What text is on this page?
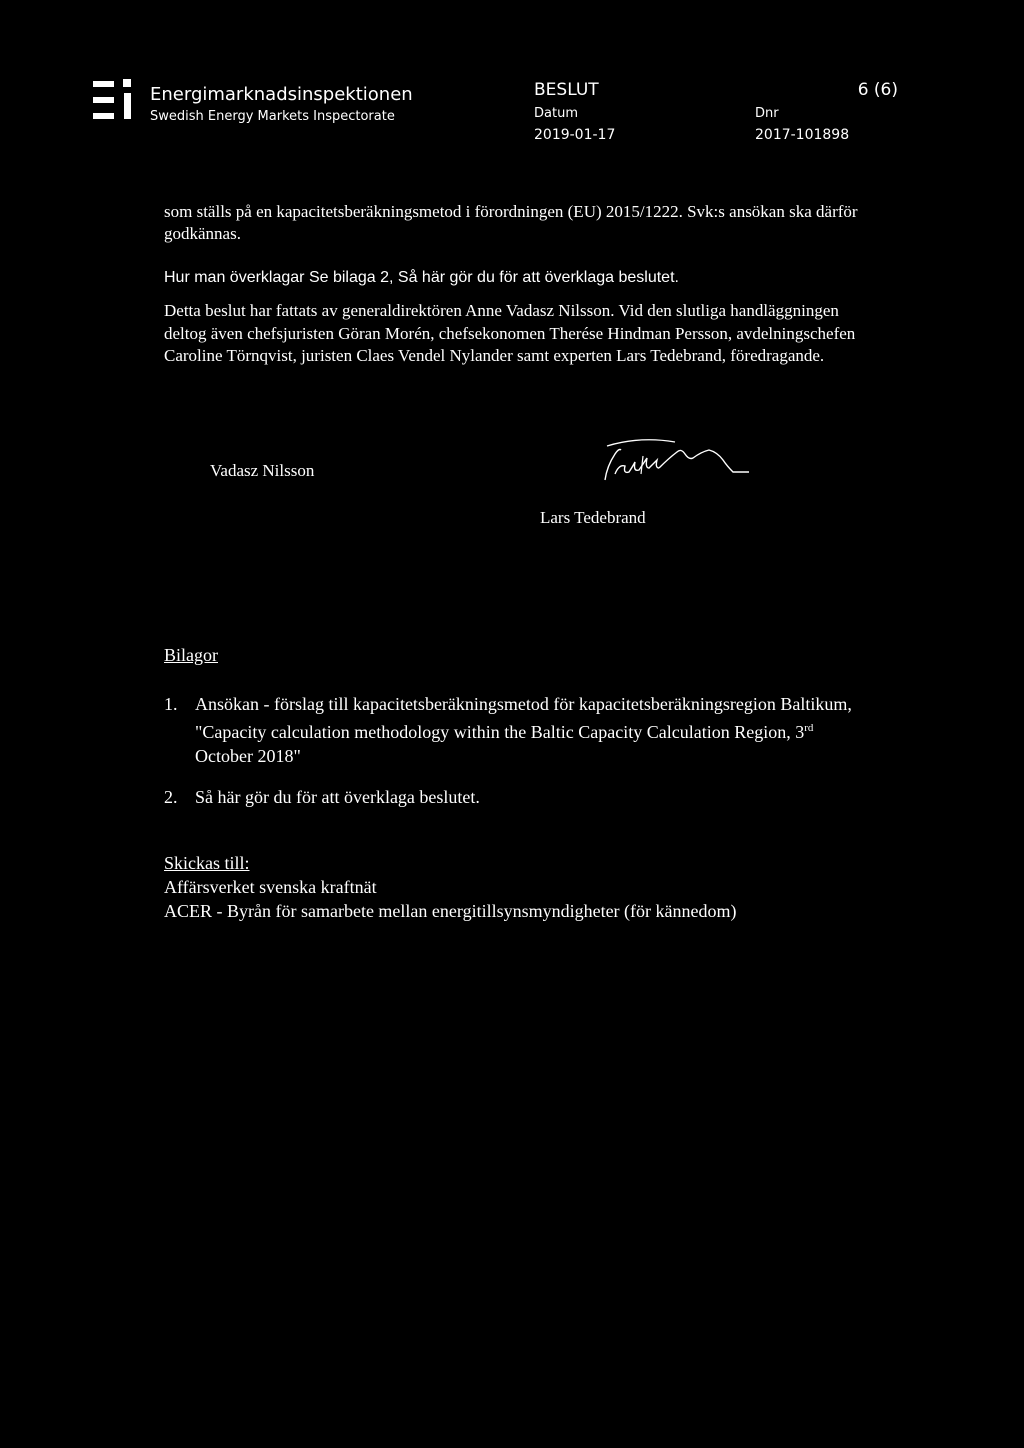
Energimarknadsinspektionen
Swedish Energy Markets Inspectorate
BESLUT	6 (6)
Datum
2019-01-17
Dnr
2017-101898
som ställs på en kapacitetsberäkningsmetod i förordningen (EU) 2015/1222. Svk:s ansökan ska därför godkännas.
Hur man överklagar Se bilaga 2, Så här gör du för att överklaga beslutet.
Detta beslut har fattats av generaldirektören Anne Vadasz Nilsson. Vid den slutliga handläggningen deltog även chefsjuristen Göran Morén, chefsekonomen Therése Hindman Persson, avdelningschefen Caroline Törnqvist, juristen Claes Vendel Nylander samt experten Lars Tedebrand, föredragande.
Vadasz Nilsson
Lars Tedebrand
Bilagor
1. Ansökan - förslag till kapacitetsberäkningsmetod för kapacitetsberäkningsregion Baltikum, "Capacity calculation methodology within the Baltic Capacity Calculation Region, 3rd October 2018"
2. Så här gör du för att överklaga beslutet.
Skickas till:
Affärsverket svenska kraftnät
ACER - Byrån för samarbete mellan energitillsynsmyndigheter (för kännedom)
